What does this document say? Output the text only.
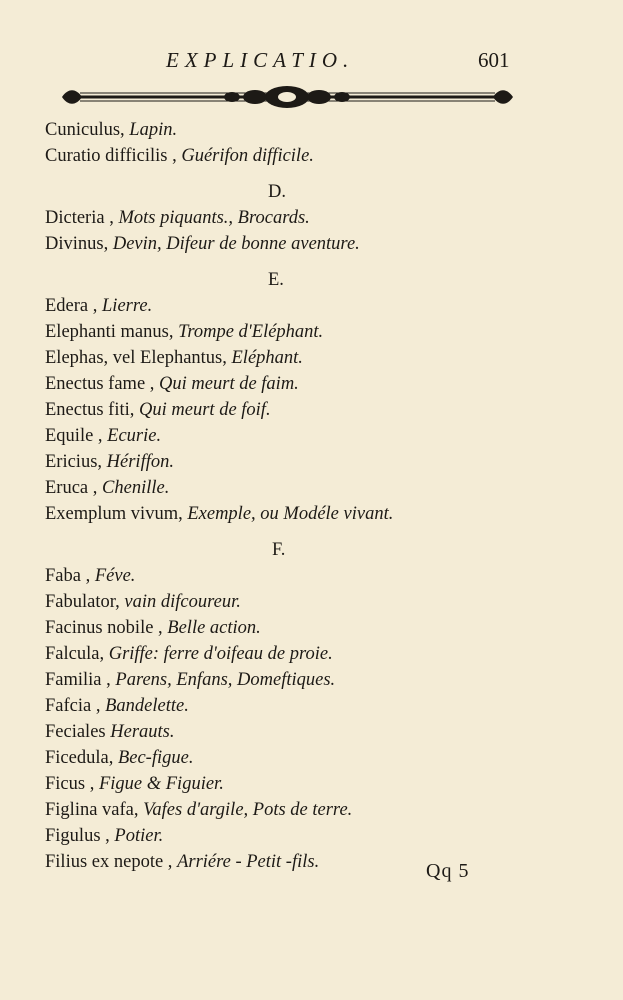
EXPLICATIO.	601
Cuniculus, Lapin.
Curatio difficilis , Guérifon difficile.
D.
Dicteria , Mots piquants., Brocards.
Divinus, Devin, Difeur de bonne aventure.
E.
Edera , Lierre.
Elephanti manus, Trompe d'Eléphant.
Elephas, vel Elephantus, Eléphant.
Enectus fame , Qui meurt de faim.
Enectus fiti, Qui meurt de foif.
Equile , Ecurie.
Ericius, Hériffon.
Eruca , Chenille.
Exemplum vivum, Exemple, ou Modéle vivant.
F.
Faba , Féve.
Fabulator, vain difcoureur.
Facinus nobile , Belle action.
Falcula, Griffe: ferre d'oifeau de proie.
Familia , Parens, Enfans, Domeftiques.
Fafcia , Bandelette.
Feciales Herauts.
Ficedula, Bec-figue.
Ficus , Figue & Figuier.
Figlina vafa, Vafes d'argile, Pots de terre.
Figulus , Potier.
Filius ex nepote , Arriére - Petit -fils.	Qq 5
